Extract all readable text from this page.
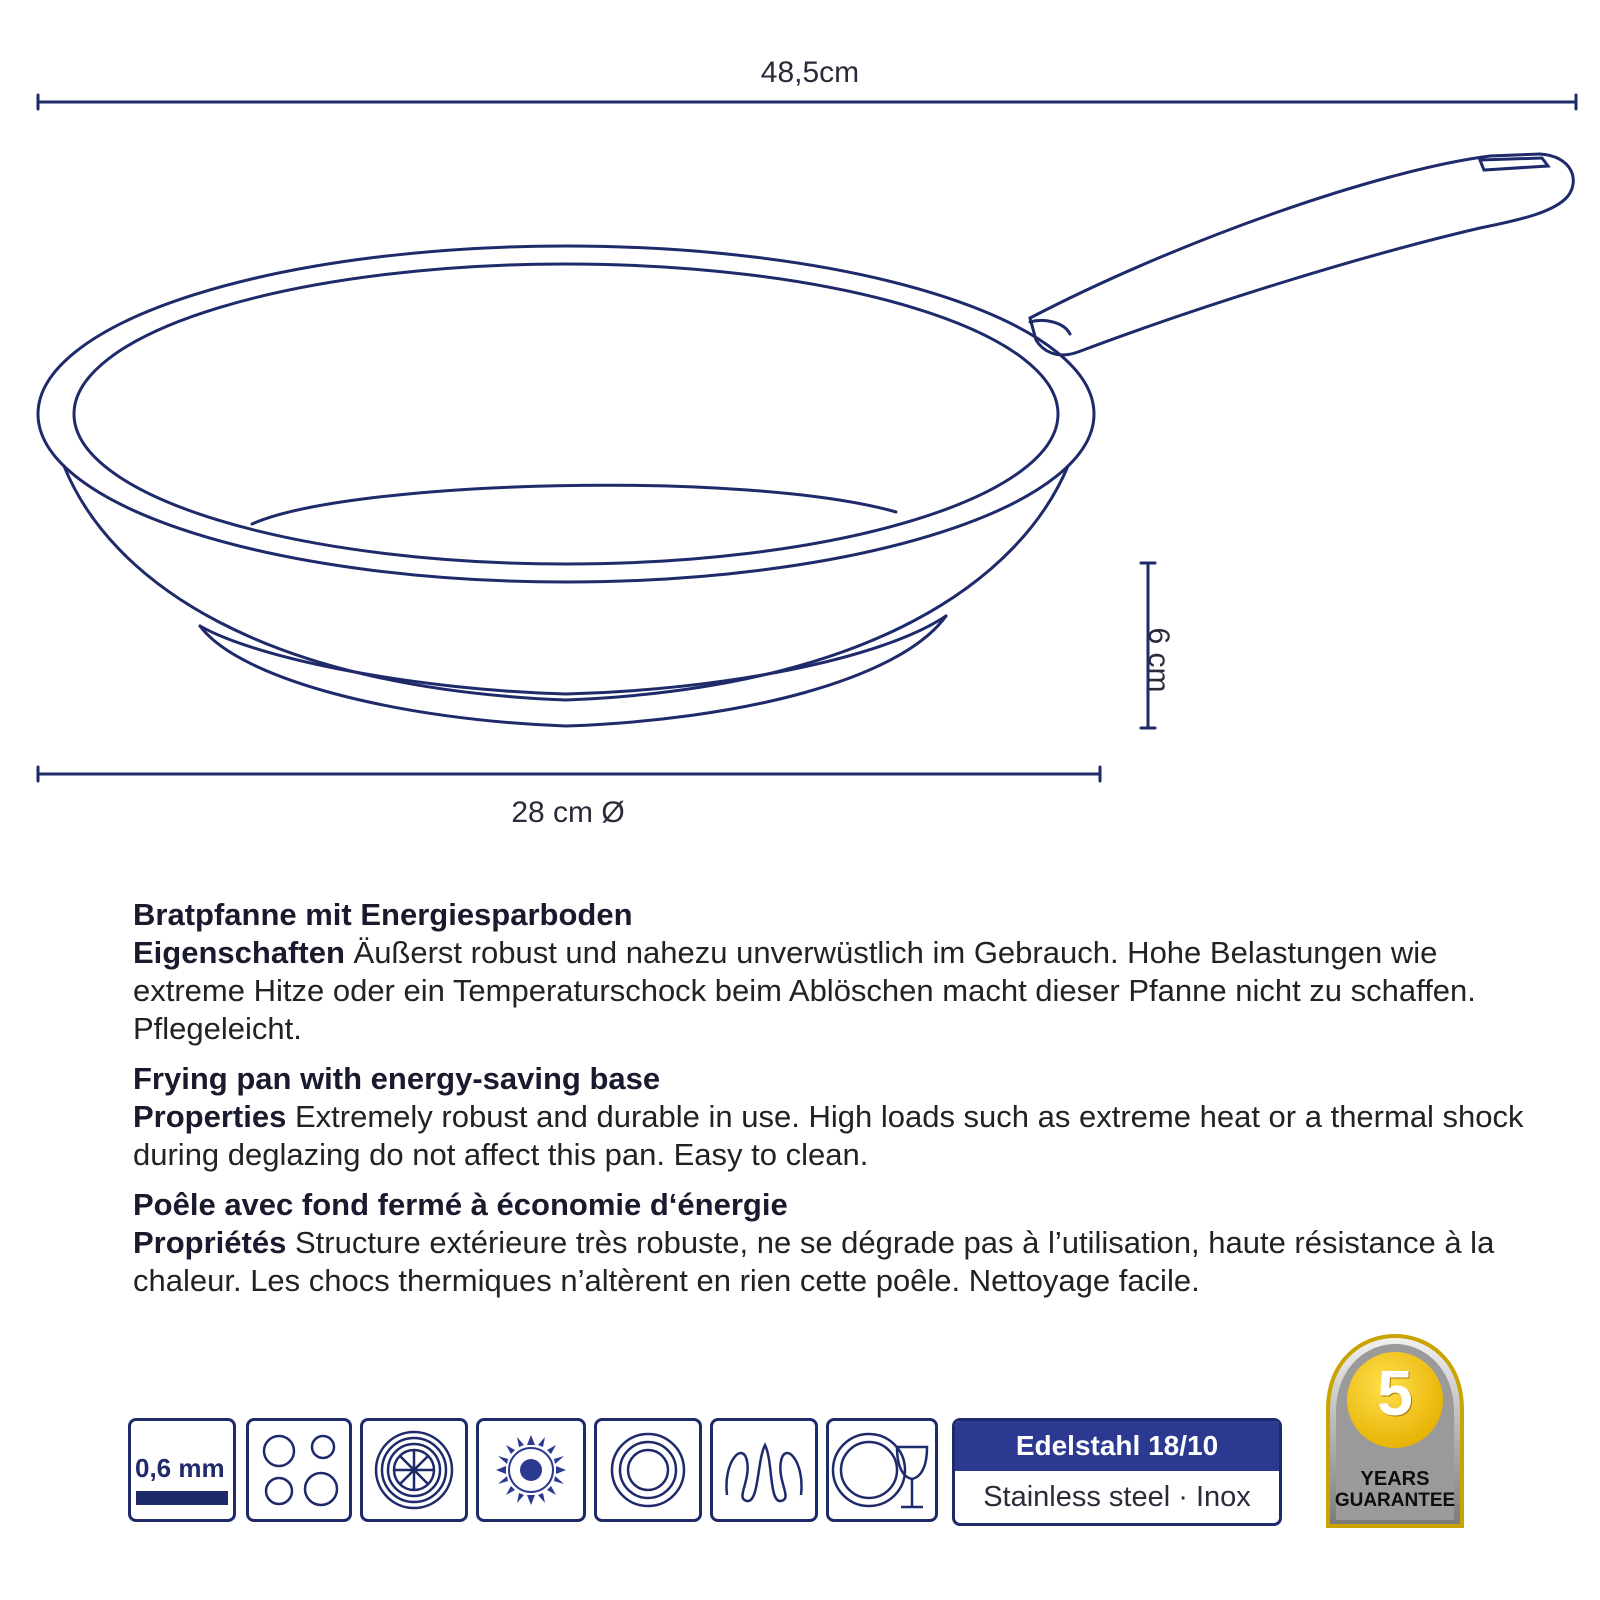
48,5cm
28 cm Ø
6 cm

Bratpfanne mit Energiesparboden
Eigenschaften Äußerst robust und nahezu unverwüstlich im Gebrauch. Hohe Belastungen wie extreme Hitze oder ein Temperaturschock beim Ablöschen macht dieser Pfanne nicht zu schaffen. Pflegeleicht.

Frying pan with energy-saving base
Properties Extremely robust and durable in use. High loads such as extreme heat or a thermal shock during deglazing do not affect this pan. Easy to clean.

Poêle avec fond fermé à économie d‘énergie
Propriétés Structure extérieure très robuste, ne se dégrade pas à l’utilisation, haute résistance à la chaleur. Les chocs thermiques n’altèrent en rien cette poêle. Nettoyage facile.

0,6 mm
Edelstahl 18/10
Stainless steel · Inox
5
YEARS
GUARANTEE
